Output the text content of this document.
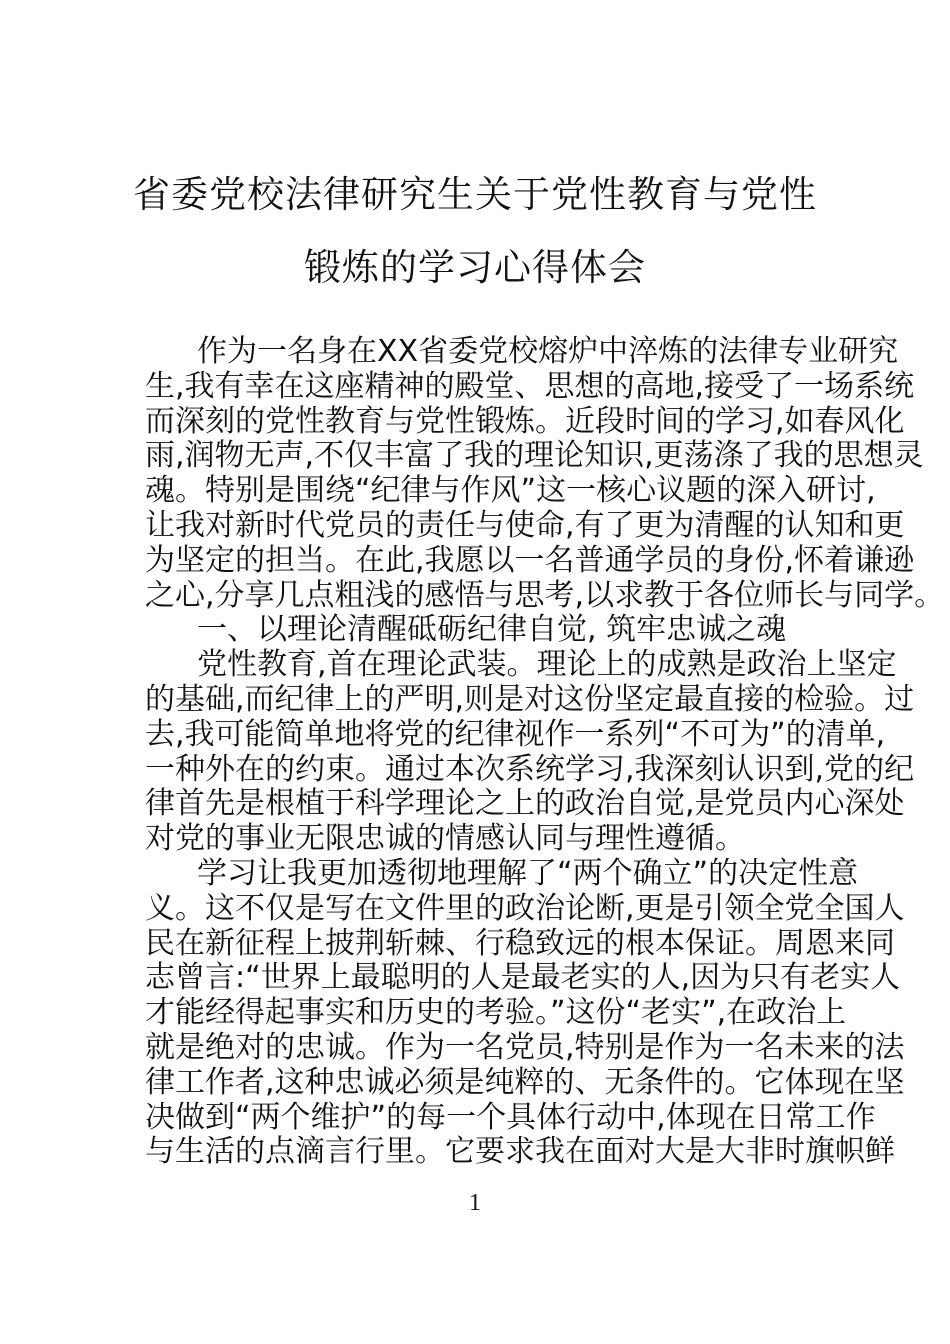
省委党校法律研究生关于党性教育与党性
锻炼的学习心得体会
作为一名身在XX省委党校熔炉中淬炼的法律专业研究
生,我有幸在这座精神的殿堂、思想的高地,接受了一场系统
而深刻的党性教育与党性锻炼。近段时间的学习,如春风化
雨,润物无声,不仅丰富了我的理论知识,更荡涤了我的思想灵
魂。特别是围绕“纪律与作风”这一核心议题的深入研讨,
让我对新时代党员的责任与使命,有了更为清醒的认知和更
为坚定的担当。在此,我愿以一名普通学员的身份,怀着谦逊
之心,分享几点粗浅的感悟与思考,以求教于各位师长与同学。
一、以理论清醒砥砺纪律自觉, 筑牢忠诚之魂
党性教育,首在理论武装。理论上的成熟是政治上坚定
的基础,而纪律上的严明,则是对这份坚定最直接的检验。过
去,我可能简单地将党的纪律视作一系列“不可为”的清单,
一种外在的约束。通过本次系统学习,我深刻认识到,党的纪
律首先是根植于科学理论之上的政治自觉,是党员内心深处
对党的事业无限忠诚的情感认同与理性遵循。
学习让我更加透彻地理解了“两个确立”的决定性意
义。这不仅是写在文件里的政治论断,更是引领全党全国人
民在新征程上披荆斩棘、行稳致远的根本保证。周恩来同
志曾言:“世界上最聪明的人是最老实的人,因为只有老实人
才能经得起事实和历史的考验。”这份“老实”,在政治上
就是绝对的忠诚。作为一名党员,特别是作为一名未来的法
律工作者,这种忠诚必须是纯粹的、无条件的。它体现在坚
决做到“两个维护”的每一个具体行动中,体现在日常工作
与生活的点滴言行里。它要求我在面对大是大非时旗帜鲜
1
